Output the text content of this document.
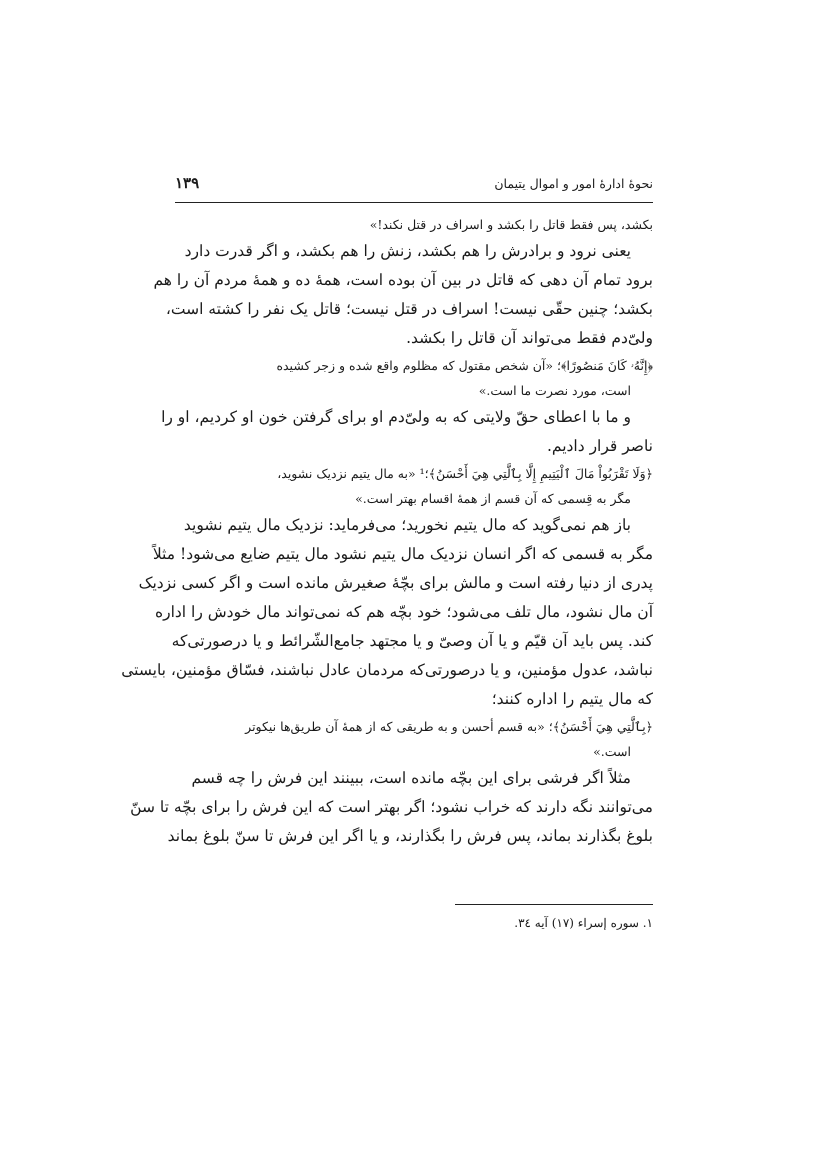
نحوهٔ ادارهٔ امور و اموال یتیمان
۱۳۹
بکشد، پس فقط قاتل را بکشد و اسراف در قتل نکند!»
یعنی نرود و برادرش را هم بکشد، زنش را هم بکشد، و اگر قدرت دارد
برود تمام آن دهی که قاتل در بین آن بوده است، همهٔ ده و همهٔ مردم آن را هم
بکشد؛ چنین حقّی نیست! اسراف در قتل نیست؛ قاتل یک نفر را کشته است،
ولیّ‌دم فقط می‌تواند آن قاتل را بکشد.
﴿إِنَّهُۥ كَانَ مَنصُورًا﴾؛ «آن شخص مقتول که مظلوم واقع شده و زجر کشیده
است، مورد نصرت ما است.»
و ما با اعطای حقّ ولایتی که به ولیّ‌دم او برای گرفتن خون او کردیم، او را
ناصر قرار دادیم.
﴿وَلَا تَقْرَبُواْ مَالَ ٱلْيَتِيمِ إِلَّا بِٱلَّتِي هِيَ أَحْسَنُ﴾؛¹ «به مال یتیم نزدیک نشوید،
مگر به قِسمی که آن قسم از همهٔ اقسام بهتر است.»
باز هم نمی‌گوید که مال یتیم نخورید؛ می‌فرماید: نزدیک مال یتیم نشوید
مگر به قسمی که اگر انسان نزدیک مال یتیم نشود مال یتیم ضایع می‌شود! مثلاً
پدری از دنیا رفته است و مالش برای بچّهٔ صغیرش مانده است و اگر کسی نزدیک
آن مال نشود، مال تلف می‌شود؛ خود بچّه هم که نمی‌تواند مال خودش را اداره
کند. پس باید آن قیّم و یا آن وصیّ و یا مجتهد جامع‌الشّرائط و یا درصورتی‌که
نباشد، عدول مؤمنین، و یا درصورتی‌که مردمان عادل نباشند، فسّاق مؤمنین، بایستی
که مال یتیم را اداره کنند؛
﴿بِٱلَّتِي هِيَ أَحْسَنُ﴾؛ «به قسم أحسن و به طریقی که از همهٔ آن طریق‌ها نیکوتر
است.»
مثلاً اگر فرشی برای این بچّه مانده است، ببینند این فرش را چه قسم
می‌توانند نگه دارند که خراب نشود؛ اگر بهتر است که این فرش را برای بچّه تا سنّ
بلوغ بگذارند بماند، پس فرش را بگذارند، و یا اگر این فرش تا سنّ بلوغ بماند
۱. سوره إسراء (۱۷) آیه ۳٤.
